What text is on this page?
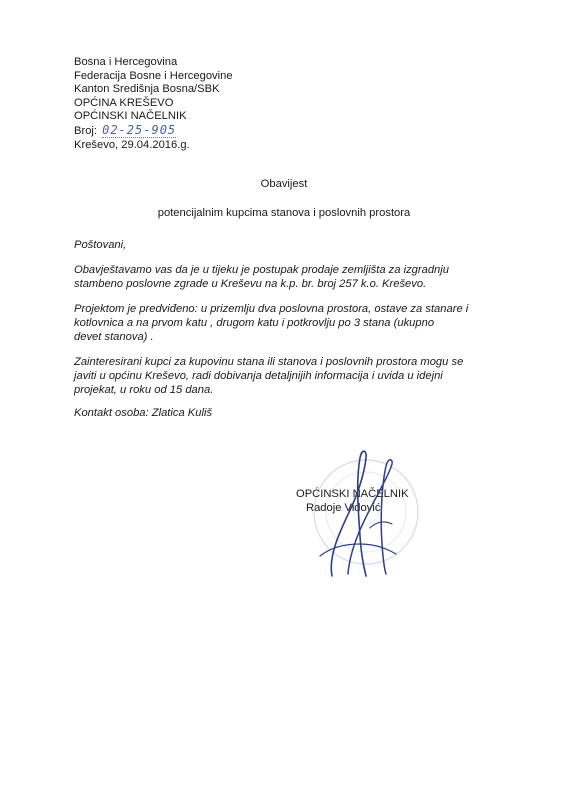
Bosna i Hercegovina
Federacija Bosne i Hercegovine
Kanton Središnja Bosna/SBK
OPĆINA KREŠEVO
OPĆINSKI NAČELNIK
Broj: 02-25-905
Kreševo, 29.04.2016.g.
Obavijest
potencijalnim kupcima stanova i poslovnih prostora
Poštovani,
Obavještavamo vas da je u tijeku je postupak prodaje zemljišta za izgradnju
stambeno poslovne zgrade u Kreševu na k.p. br. broj 257 k.o. Kreševo.
Projektom je predviđeno: u prizemlju dva poslovna prostora, ostave za stanare i
kotlovnica a na prvom katu , drugom katu i potkrovlju po 3 stana (ukupno
devet stanova) .
Zainteresirani kupci za kupovinu stana ili stanova i poslovnih prostora mogu se
javiti u općinu Kreševo, radi dobivanja detaljnijih informacija i uvida u idejni
projekat, u roku od 15 dana.
Kontakt osoba: Zlatica Kuliš
OPĆINSKI NAČELNIK
Radoje Vidović
